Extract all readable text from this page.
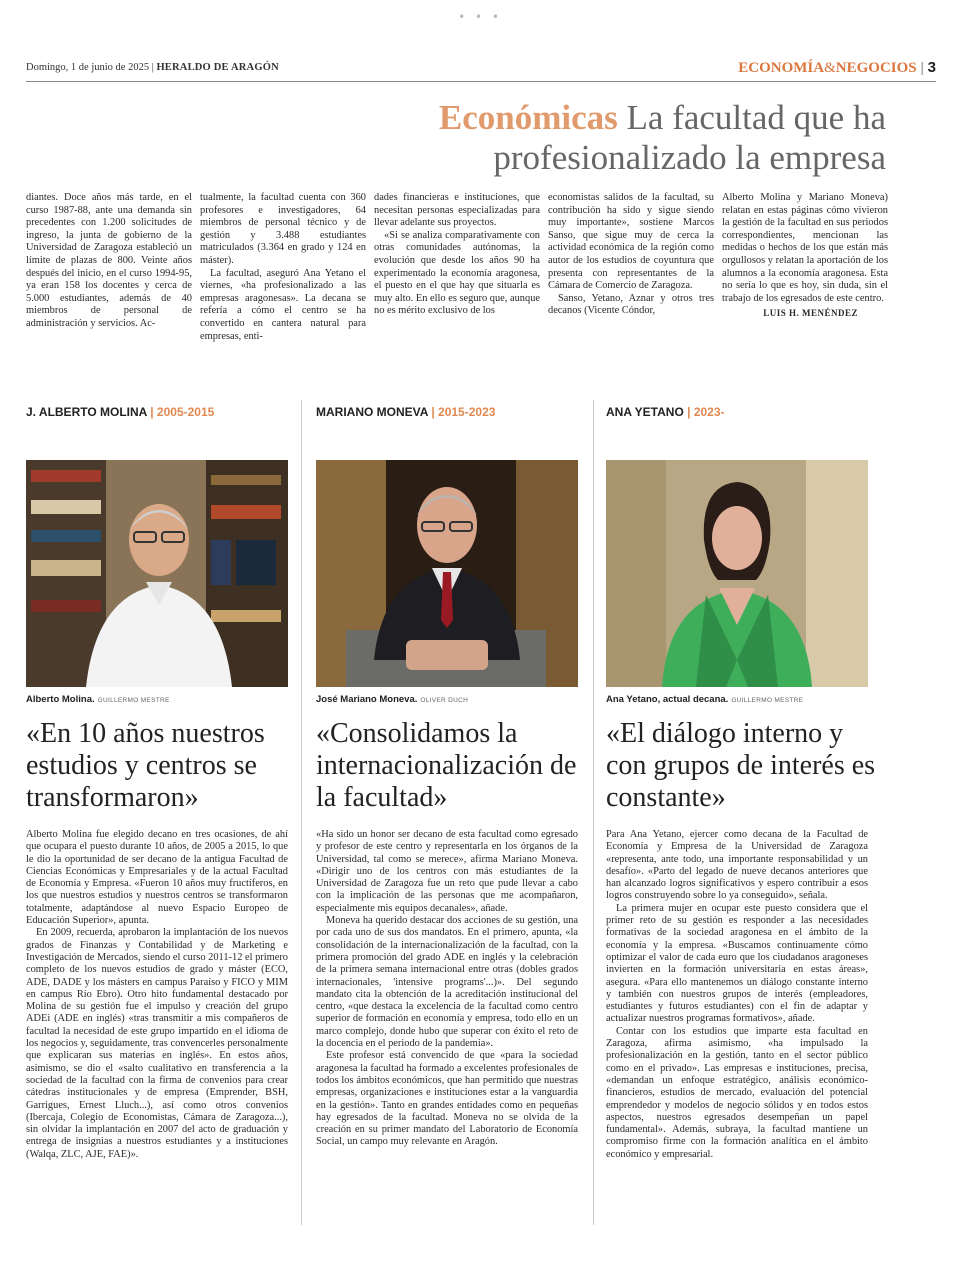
• • •
Domingo, 1 de junio de 2025 | HERALDO DE ARAGÓN	ECONOMÍA&NEGOCIOS | 3
Económicas La facultad que ha
profesionalizado la empresa

diantes. Doce años más tarde, en el curso 1987-88, ante una demanda sin precedentes con 1.200 solicitudes de ingreso, la junta de gobierno de la Universidad de Zaragoza estableció un límite de plazas de 800. Veinte años después del inicio, en el curso 1994-95, ya eran 158 los docentes y cerca de 5.000 estudiantes, además de 40 miembros de personal de administración y servicios. Ac-

tualmente, la facultad cuenta con 360 profesores e investigadores, 64 miembros de personal técnico y de gestión y 3.488 estudiantes matriculados (3.364 en grado y 124 en máster).

La facultad, aseguró Ana Yetano el viernes, «ha profesionalizado a las empresas aragonesas». La decana se refería a cómo el centro se ha convertido en cantera natural para empresas, enti-

dades financieras e instituciones, que necesitan personas especializadas para llevar adelante sus proyectos.

«Si se analiza comparativamente con otras comunidades autónomas, la evolución que desde los años 90 ha experimentado la economía aragonesa, el puesto en el que hay que situarla es muy alto. En ello es seguro que, aunque no es mérito exclusivo de los

economistas salidos de la facultad, su contribución ha sido y sigue siendo muy importante», sostiene Marcos Sanso, que sigue muy de cerca la actividad económica de la región como autor de los estudios de coyuntura que presenta con representantes de la Cámara de Comercio de Zaragoza.

Sanso, Yetano, Aznar y otros tres decanos (Vicente Cóndor,

Alberto Molina y Mariano Moneva) relatan en estas páginas cómo vivieron la gestión de la facultad en sus periodos correspondientes, mencionan las medidas o hechos de los que están más orgullosos y relatan la aportación de los alumnos a la economía aragonesa. Esta no sería lo que es hoy, sin duda, sin el trabajo de los egresados de este centro.

LUIS H. MENÉNDEZ
J. ALBERTO MOLINA | 2005-2015
Alberto Molina. GUILLERMO MESTRE
«En 10 años nuestros estudios y centros se transformaron»

Alberto Molina fue elegido decano en tres ocasiones, de ahí que ocupara el puesto durante 10 años, de 2005 a 2015, lo que le dio la oportunidad de ser decano de la antigua Facultad de Ciencias Económicas y Empresariales y de la actual Facultad de Economía y Empresa. «Fueron 10 años muy fructíferos, en los que nuestros estudios y nuestros centros se transformaron totalmente, adaptándose al nuevo Espacio Europeo de Educación Superior», apunta.

En 2009, recuerda, aprobaron la implantación de los nuevos grados de Finanzas y Contabilidad y de Marketing e Investigación de Mercados, siendo el curso 2011-12 el primero completo de los nuevos estudios de grado y máster (ECO, ADE, DADE y los másters en campus Paraíso y FICO y MIM en campus Río Ebro). Otro hito fundamental destacado por Molina de su gestión fue el impulso y creación del grupo ADEi (ADE en inglés) «tras transmitir a mis compañeros de facultad la necesidad de este grupo impartido en el idioma de los negocios y, seguidamente, tras convencerles personalmente que explicaran sus materias en inglés». En estos años, asimismo, se dio el «salto cualitativo en transferencia a la sociedad de la facultad con la firma de convenios para crear cátedras institucionales y de empresa (Emprender, BSH, Garrigues, Ernest Lluch...), así como otros convenios (Ibercaja, Colegio de Economistas, Cámara de Zaragoza...), sin olvidar la implantación en 2007 del acto de graduación y entrega de insignias a nuestros estudiantes y a instituciones (Walqa, ZLC, AJE, FAE)».

MARIANO MONEVA | 2015-2023
José Mariano Moneva. OLIVER DUCH
«Consolidamos la internacionalización de la facultad»

«Ha sido un honor ser decano de esta facultad como egresado y profesor de este centro y representarla en los órganos de la Universidad, tal como se merece», afirma Mariano Moneva. «Dirigir uno de los centros con más estudiantes de la Universidad de Zaragoza fue un reto que pude llevar a cabo con la implicación de las personas que me acompañaron, especialmente mis equipos decanales», añade.

Moneva ha querido destacar dos acciones de su gestión, una por cada uno de sus dos mandatos. En el primero, apunta, «la consolidación de la internacionalización de la facultad, con la primera promoción del grado ADE en inglés y la celebración de la primera semana internacional entre otras (dobles grados internacionales, 'intensive programs'...)». Del segundo mandato cita la obtención de la acreditación institucional del centro, «que destaca la excelencia de la facultad como centro superior de formación en economía y empresa, todo ello en un marco complejo, donde hubo que superar con éxito el reto de la docencia en el periodo de la pandemia».

Este profesor está convencido de que «para la sociedad aragonesa la facultad ha formado a excelentes profesionales de todos los ámbitos económicos, que han permitido que nuestras empresas, organizaciones e instituciones estar a la vanguardia en la gestión». Tanto en grandes entidades como en pequeñas hay egresados de la facultad. Moneva no se olvida de la creación en su primer mandato del Laboratorio de Economía Social, un campo muy relevante en Aragón.

ANA YETANO | 2023-
Ana Yetano, actual decana. GUILLERMO MESTRE
«El diálogo interno y con grupos de interés es constante»

Para Ana Yetano, ejercer como decana de la Facultad de Economía y Empresa de la Universidad de Zaragoza «representa, ante todo, una importante responsabilidad y un desafío». «Parto del legado de nueve decanos anteriores que han alcanzado logros significativos y espero contribuir a esos logros construyendo sobre lo ya conseguido», señala.

La primera mujer en ocupar este puesto considera que el primer reto de su gestión es responder a las necesidades formativas de la sociedad aragonesa en el ámbito de la economía y la empresa. «Buscamos continuamente cómo optimizar el valor de cada euro que los ciudadanos aragoneses invierten en la formación universitaria en estas áreas», asegura. «Para ello mantenemos un diálogo constante interno y también con nuestros grupos de interés (empleadores, estudiantes y futuros estudiantes) con el fin de adaptar y actualizar nuestros programas formativos», añade.

Contar con los estudios que imparte esta facultad en Zaragoza, afirma asimismo, «ha impulsado la profesionalización en la gestión, tanto en el sector público como en el privado». Las empresas e instituciones, precisa, «demandan un enfoque estratégico, análisis económico-financieros, estudios de mercado, evaluación del potencial emprendedor y modelos de negocio sólidos y en todos estos aspectos, nuestros egresados desempeñan un papel fundamental». Además, subraya, la facultad mantiene un compromiso firme con la formación analítica en el ámbito económico y empresarial.
